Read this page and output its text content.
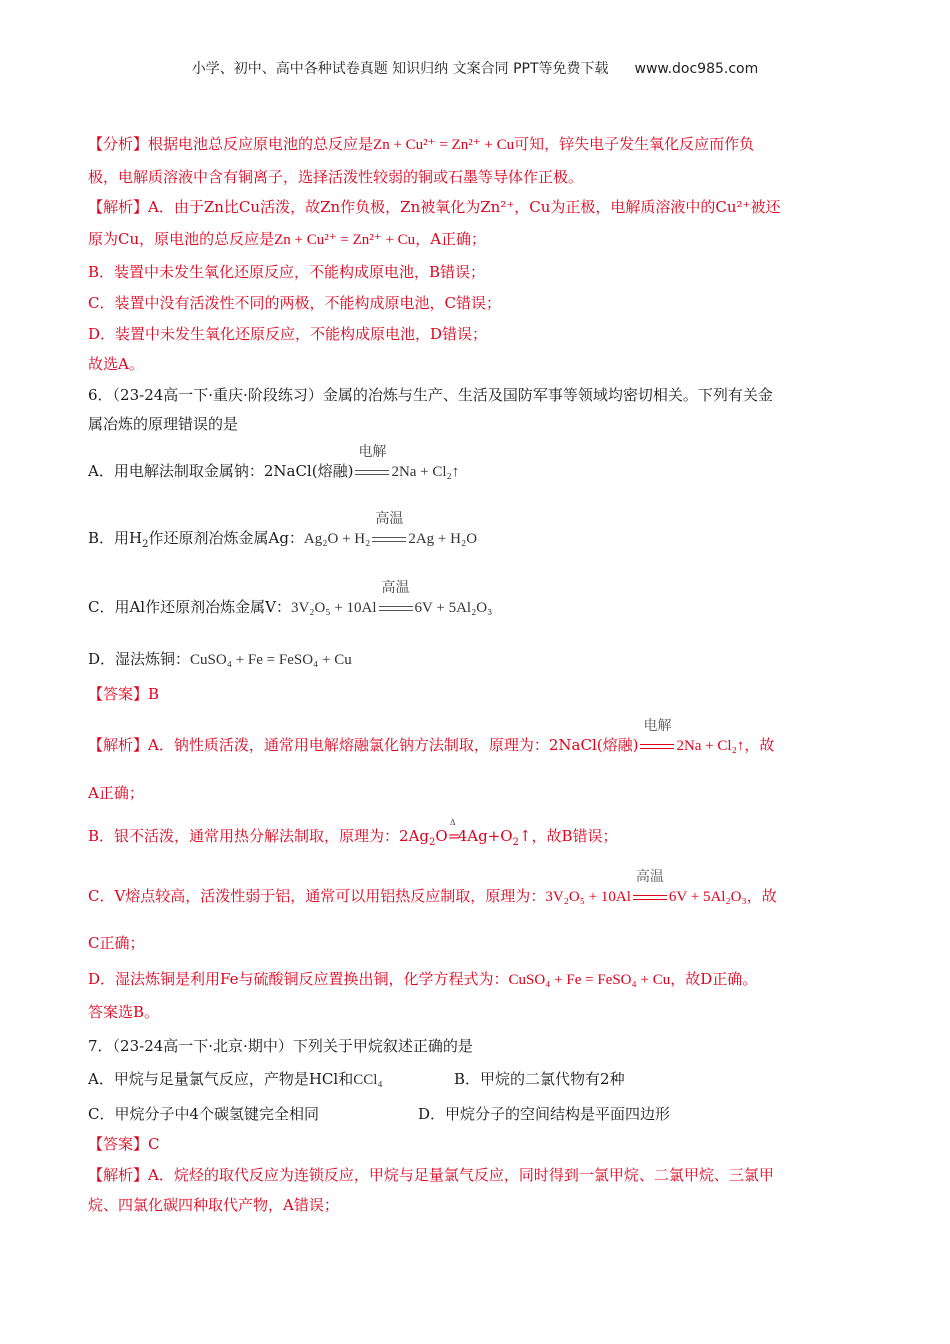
小学、初中、高中各种试卷真题 知识归纳 文案合同 PPT等免费下载 www.doc985.com
【分析】根据电池总反应原电池的总反应是Zn + Cu²⁺ = Zn²⁺ + Cu可知，锌失电子发生氧化反应而作负
极，电解质溶液中含有铜离子，选择活泼性较弱的铜或石墨等导体作正极。
【解析】A．由于Zn比Cu活泼，故Zn作负极，Zn被氧化为Zn²⁺，Cu为正极，电解质溶液中的Cu²⁺被还
原为Cu，原电池的总反应是Zn + Cu²⁺ = Zn²⁺ + Cu，A正确；
B．装置中未发生氧化还原反应，不能构成原电池，B错误；
C．装置中没有活泼性不同的两极，不能构成原电池，C错误；
D．装置中未发生氧化还原反应，不能构成原电池，D错误；
故选A。
6．（23-24高一下·重庆·阶段练习）金属的冶炼与生产、生活及国防军事等领域均密切相关。下列有关金
属冶炼的原理错误的是
A．用电解法制取金属钠：2NaCl(熔融)
电解
2Na + Cl₂↑
B．用$H_2$作还原剂冶炼金属Ag：Ag₂O + H₂
高温
2Ag + H₂O
C．用Al作还原剂冶炼金属V：3V₂O₅ + 10Al
高温
6V + 5Al₂O₃
D．湿法炼铜：CuSO₄ + Fe = FeSO₄ + Cu
【答案】B
【解析】A．钠性质活泼，通常用电解熔融氯化钠方法制取，原理为：2NaCl(熔融)
电解
2Na + Cl₂↑，故
A正确；
B．银不活泼，通常用热分解法制取，原理为：$2Ag_2O$
Δ
$=4Ag+O_2↑$，故B错误；
C．V熔点较高，活泼性弱于铝，通常可以用铝热反应制取，原理为：3V₂O₅ + 10Al
高温
6V + 5Al₂O₃，故
C正确；
D．湿法炼铜是利用Fe与硫酸铜反应置换出铜，化学方程式为：CuSO₄ + Fe = FeSO₄ + Cu，故D正确。
答案选B。
7．（23-24高一下·北京·期中）下列关于甲烷叙述正确的是
A．甲烷与足量氯气反应，产物是HCl和CCl₄	B．甲烷的二氯代物有2种
C．甲烷分子中4个碳氢键完全相同	D．甲烷分子的空间结构是平面四边形
【答案】C
【解析】A．烷烃的取代反应为连锁反应，甲烷与足量氯气反应，同时得到一氯甲烷、二氯甲烷、三氯甲
烷、四氯化碳四种取代产物，A错误；
